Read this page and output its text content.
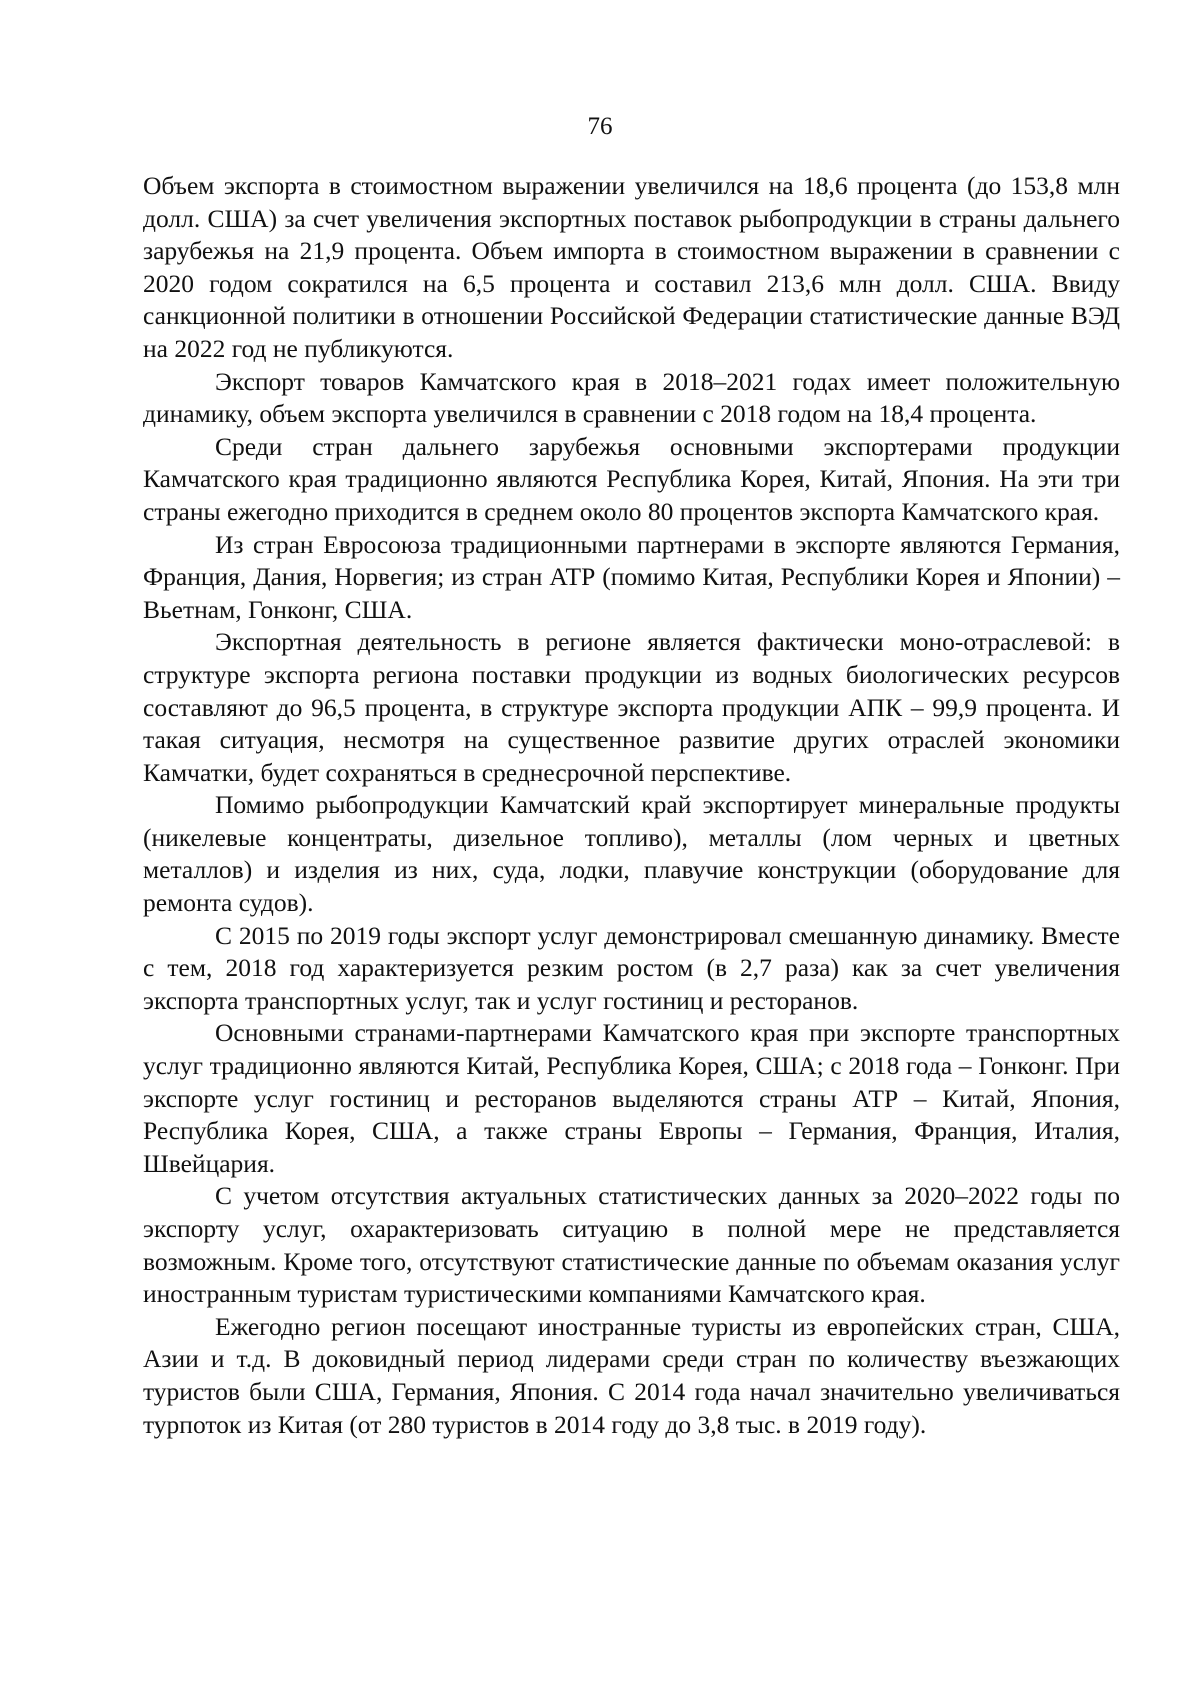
76

Объем экспорта в стоимостном выражении увеличился на 18,6 процента (до 153,8 млн долл. США) за счет увеличения экспортных поставок рыбопродукции в страны дальнего зарубежья на 21,9 процента. Объем импорта в стоимостном выражении в сравнении с 2020 годом сократился на 6,5 процента и составил 213,6 млн долл. США. Ввиду санкционной политики в отношении Российской Федерации статистические данные ВЭД на 2022 год не публикуются.

Экспорт товаров Камчатского края в 2018–2021 годах имеет положительную динамику, объем экспорта увеличился в сравнении с 2018 годом на 18,4 процента.

Среди стран дальнего зарубежья основными экспортерами продукции Камчатского края традиционно являются Республика Корея, Китай, Япония. На эти три страны ежегодно приходится в среднем около 80 процентов экспорта Камчатского края.

Из стран Евросоюза традиционными партнерами в экспорте являются Германия, Франция, Дания, Норвегия; из стран АТР (помимо Китая, Республики Корея и Японии) – Вьетнам, Гонконг, США.

Экспортная деятельность в регионе является фактически моно-отраслевой: в структуре экспорта региона поставки продукции из водных биологических ресурсов составляют до 96,5 процента, в структуре экспорта продукции АПК – 99,9 процента. И такая ситуация, несмотря на существенное развитие других отраслей экономики Камчатки, будет сохраняться в среднесрочной перспективе.

Помимо рыбопродукции Камчатский край экспортирует минеральные продукты (никелевые концентраты, дизельное топливо), металлы (лом черных и цветных металлов) и изделия из них, суда, лодки, плавучие конструкции (оборудование для ремонта судов).

С 2015 по 2019 годы экспорт услуг демонстрировал смешанную динамику. Вместе с тем, 2018 год характеризуется резким ростом (в 2,7 раза) как за счет увеличения экспорта транспортных услуг, так и услуг гостиниц и ресторанов.

Основными странами-партнерами Камчатского края при экспорте транспортных услуг традиционно являются Китай, Республика Корея, США; с 2018 года – Гонконг. При экспорте услуг гостиниц и ресторанов выделяются страны АТР – Китай, Япония, Республика Корея, США, а также страны Европы – Германия, Франция, Италия, Швейцария.

С учетом отсутствия актуальных статистических данных за 2020–2022 годы по экспорту услуг, охарактеризовать ситуацию в полной мере не представляется возможным. Кроме того, отсутствуют статистические данные по объемам оказания услуг иностранным туристам туристическими компаниями Камчатского края.

Ежегодно регион посещают иностранные туристы из европейских стран, США, Азии и т.д. В доковидный период лидерами среди стран по количеству въезжающих туристов были США, Германия, Япония. С 2014 года начал значительно увеличиваться турпоток из Китая (от 280 туристов в 2014 году до 3,8 тыс. в 2019 году).
